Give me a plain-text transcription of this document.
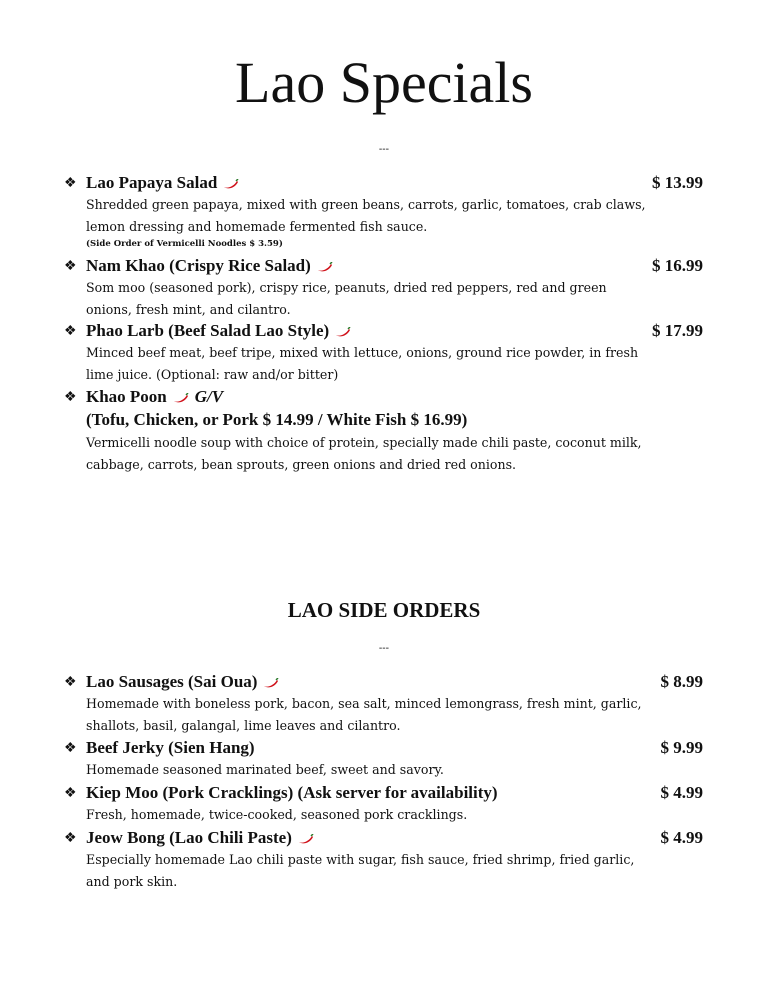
Lao Specials
---
❖ Lao Papaya Salad	$ 13.99
Shredded green papaya, mixed with green beans, carrots, garlic, tomatoes, crab claws, lemon dressing and homemade fermented fish sauce.
(Side Order of Vermicelli Noodles $ 3.59)
❖ Nam Khao (Crispy Rice Salad)	$ 16.99
Som moo (seasoned pork), crispy rice, peanuts, dried red peppers, red and green onions, fresh mint, and cilantro.
❖ Phao Larb (Beef Salad Lao Style)	$ 17.99
Minced beef meat, beef tripe, mixed with lettuce, onions, ground rice powder, in fresh lime juice. (Optional: raw and/or bitter)
❖ Khao Poon G/V
(Tofu, Chicken, or Pork $ 14.99 / White Fish $ 16.99)
Vermicelli noodle soup with choice of protein, specially made chili paste, coconut milk, cabbage, carrots, bean sprouts, green onions and dried red onions.
LAO SIDE ORDERS
---
❖ Lao Sausages (Sai Oua)	$ 8.99
Homemade with boneless pork, bacon, sea salt, minced lemongrass, fresh mint, garlic, shallots, basil, galangal, lime leaves and cilantro.
❖ Beef Jerky (Sien Hang)	$ 9.99
Homemade seasoned marinated beef, sweet and savory.
❖ Kiep Moo (Pork Cracklings) (Ask server for availability)	$ 4.99
Fresh, homemade, twice-cooked, seasoned pork cracklings.
❖ Jeow Bong (Lao Chili Paste)	$ 4.99
Especially homemade Lao chili paste with sugar, fish sauce, fried shrimp, fried garlic, and pork skin.
